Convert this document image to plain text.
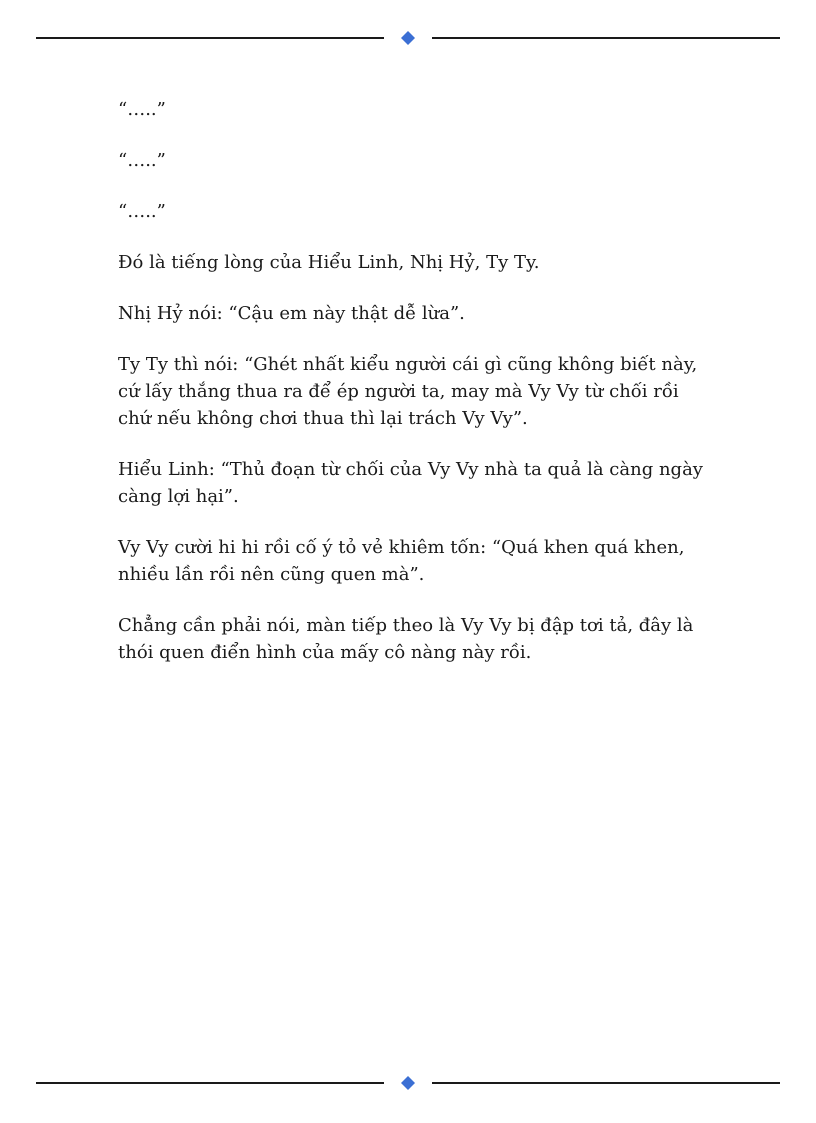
“…..”

“…..”

“…..”

Đó là tiếng lòng của Hiểu Linh, Nhị Hỷ, Ty Ty.

Nhị Hỷ nói: “Cậu em này thật dễ lừa”.

Ty Ty thì nói: “Ghét nhất kiểu người cái gì cũng không biết này, cứ lấy thắng thua ra để ép người ta, may mà Vy Vy từ chối rồi chứ nếu không chơi thua thì lại trách Vy Vy”.

Hiểu Linh: “Thủ đoạn từ chối của Vy Vy nhà ta quả là càng ngày càng lợi hại”.

Vy Vy cười hi hi rồi cố ý tỏ vẻ khiêm tốn: “Quá khen quá khen, nhiều lần rồi nên cũng quen mà”.

Chẳng cần phải nói, màn tiếp theo là Vy Vy bị đập tơi tả, đây là thói quen điển hình của mấy cô nàng này rồi.
